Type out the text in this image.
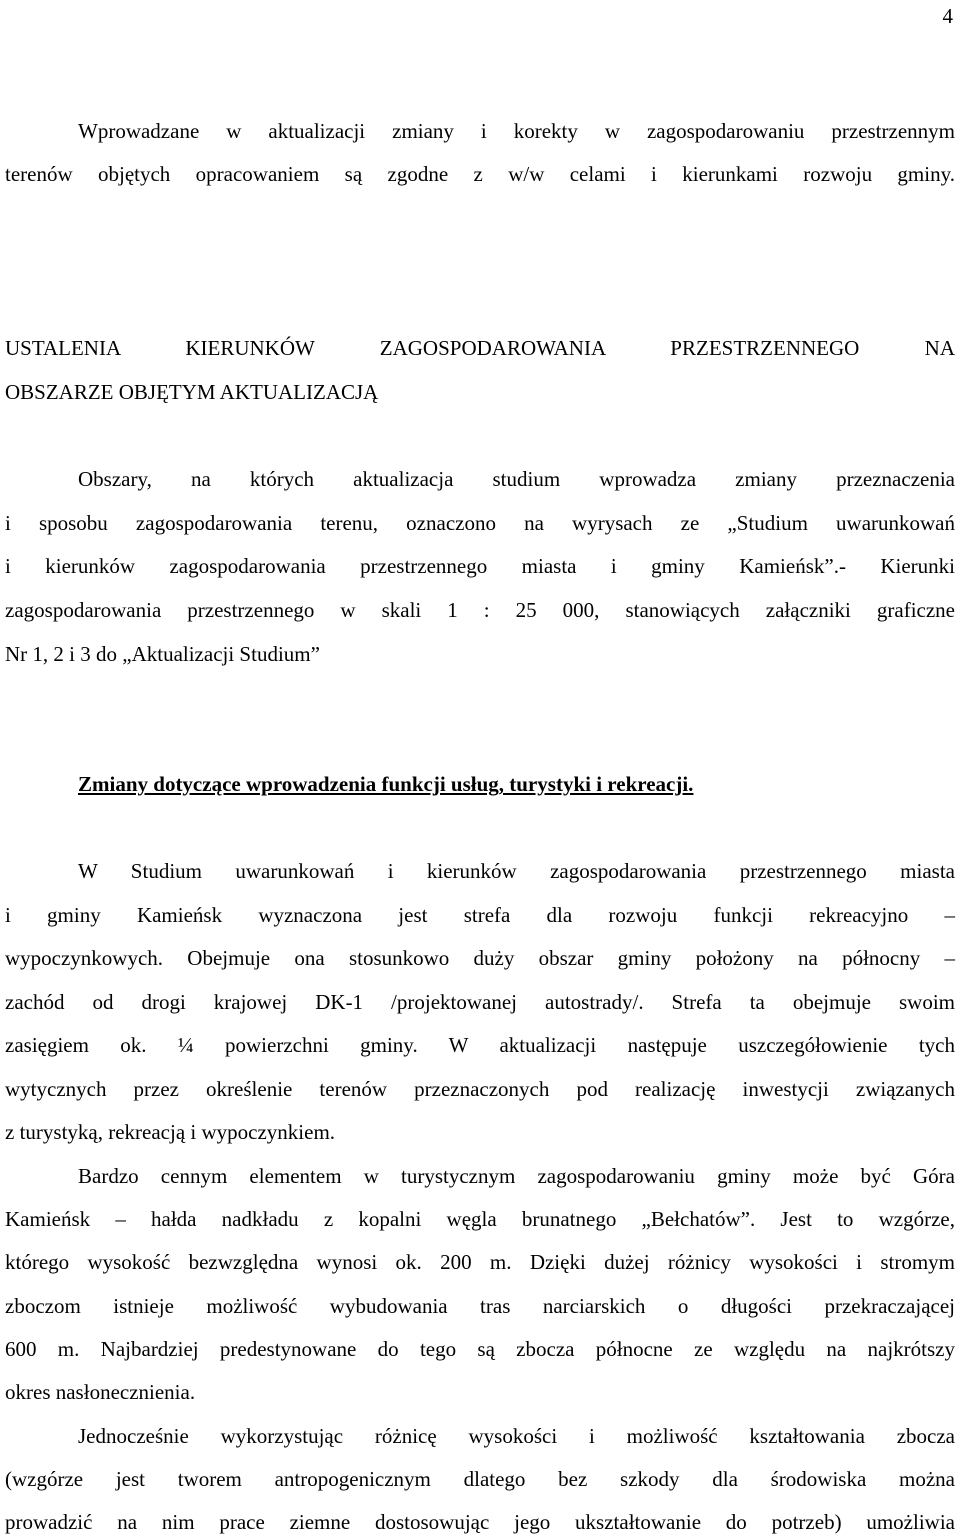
4
Wprowadzane w aktualizacji zmiany i korekty w zagospodarowaniu przestrzennym
terenów objętych opracowaniem są zgodne z w/w celami i kierunkami rozwoju gminy.
USTALENIA KIERUNKÓW ZAGOSPODAROWANIA PRZESTRZENNEGO NA
OBSZARZE OBJĘTYM AKTUALIZACJĄ
Obszary, na których aktualizacja studium wprowadza zmiany przeznaczenia
i sposobu zagospodarowania terenu, oznaczono na wyrysach ze „Studium uwarunkowań
i kierunków zagospodarowania przestrzennego miasta i gminy Kamieńsk”.- Kierunki
zagospodarowania przestrzennego w skali 1 : 25 000, stanowiących załączniki graficzne
Nr 1, 2 i 3 do „Aktualizacji Studium”
Zmiany dotyczące wprowadzenia funkcji usług, turystyki i rekreacji.
W Studium uwarunkowań i kierunków zagospodarowania przestrzennego miasta
i gminy Kamieńsk wyznaczona jest strefa dla rozwoju funkcji rekreacyjno –
wypoczynkowych. Obejmuje ona stosunkowo duży obszar gminy położony na północny –
zachód od drogi krajowej DK-1 /projektowanej autostrady/. Strefa ta obejmuje swoim
zasięgiem ok. ¼ powierzchni gminy. W aktualizacji następuje uszczegółowienie tych
wytycznych przez określenie terenów przeznaczonych pod realizację inwestycji związanych
z turystyką, rekreacją i wypoczynkiem.
Bardzo cennym elementem w turystycznym zagospodarowaniu gminy może być Góra
Kamieńsk – hałda nadkładu z kopalni węgla brunatnego „Bełchatów”. Jest to wzgórze,
którego wysokość bezwzględna wynosi ok. 200 m. Dzięki dużej różnicy wysokości i stromym
zboczom istnieje możliwość wybudowania tras narciarskich o długości przekraczającej
600 m. Najbardziej predestynowane do tego są zbocza północne ze względu na najkrótszy
okres nasłonecznienia.
Jednocześnie wykorzystując różnicę wysokości i możliwość kształtowania zbocza
(wzgórze jest tworem antropogenicznym dlatego bez szkody dla środowiska można
prowadzić na nim prace ziemne dostosowując jego ukształtowanie do potrzeb) umożliwia
